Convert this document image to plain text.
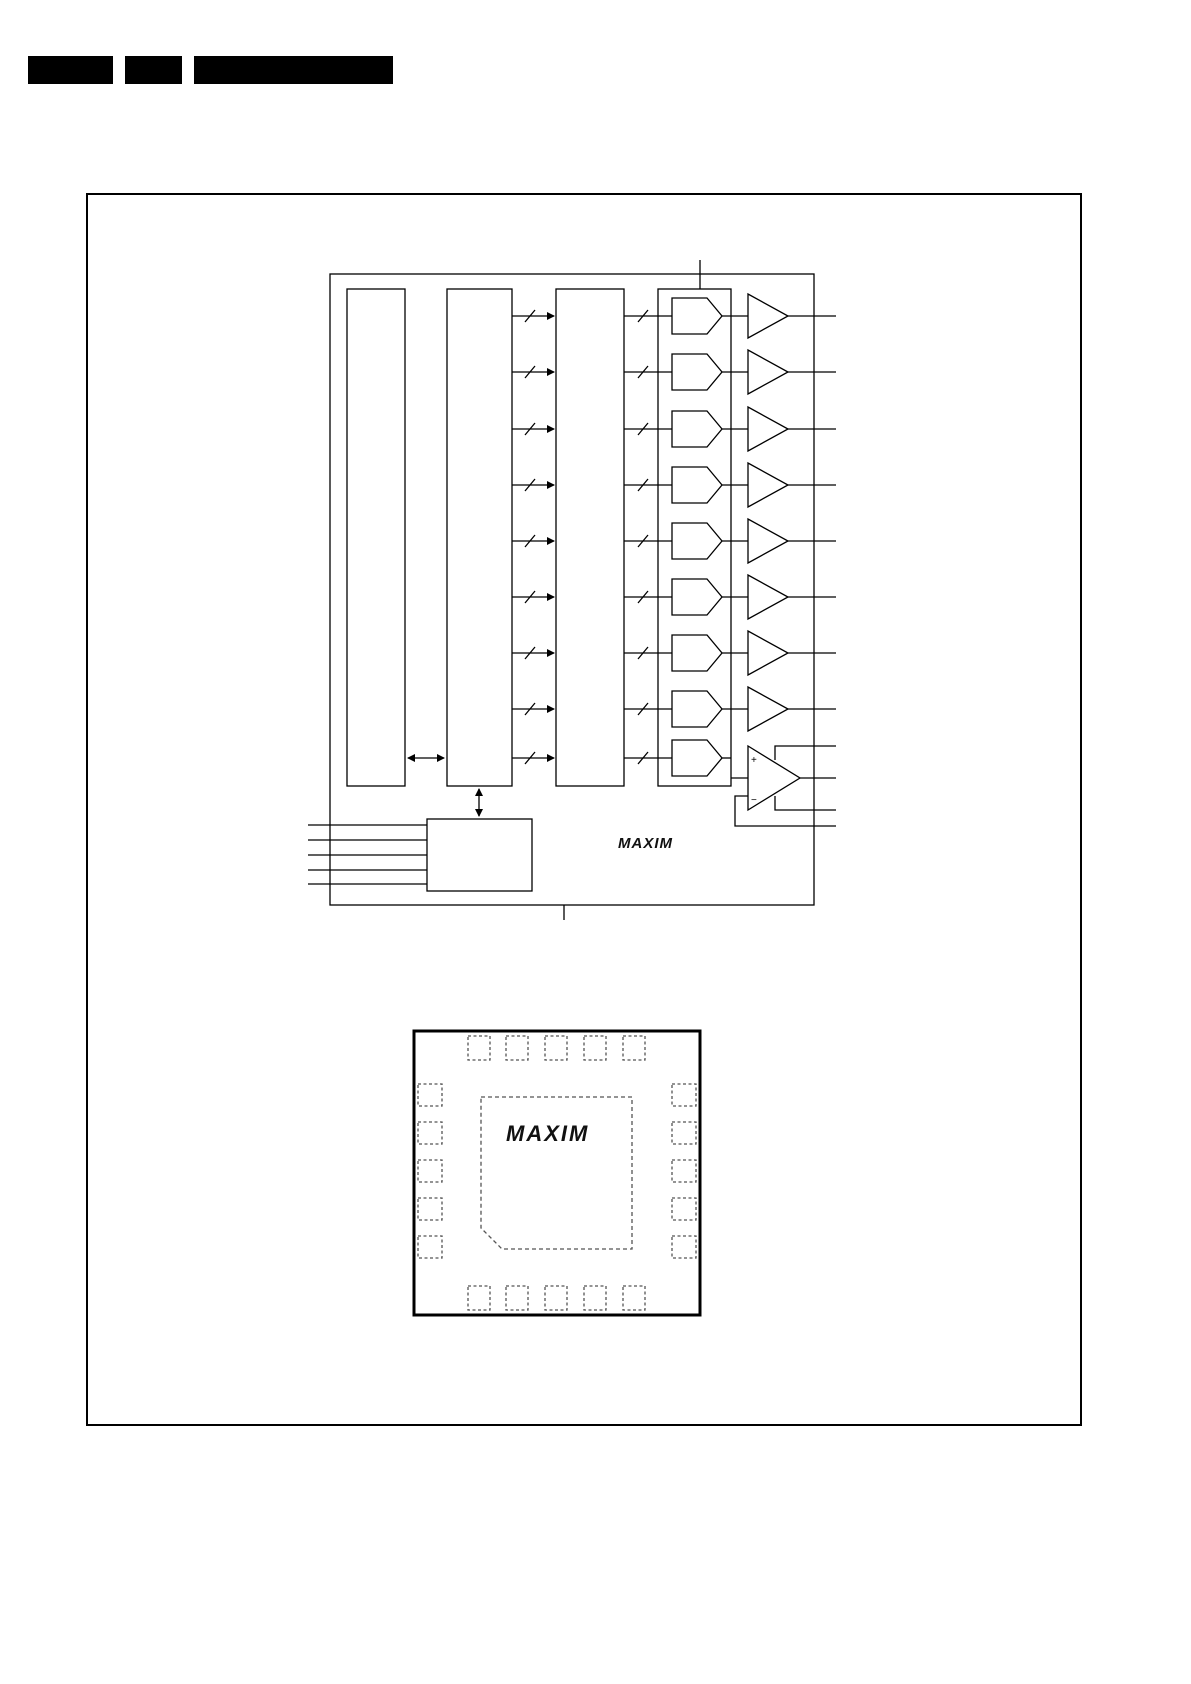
+
−
MAXIM
MAXIM
